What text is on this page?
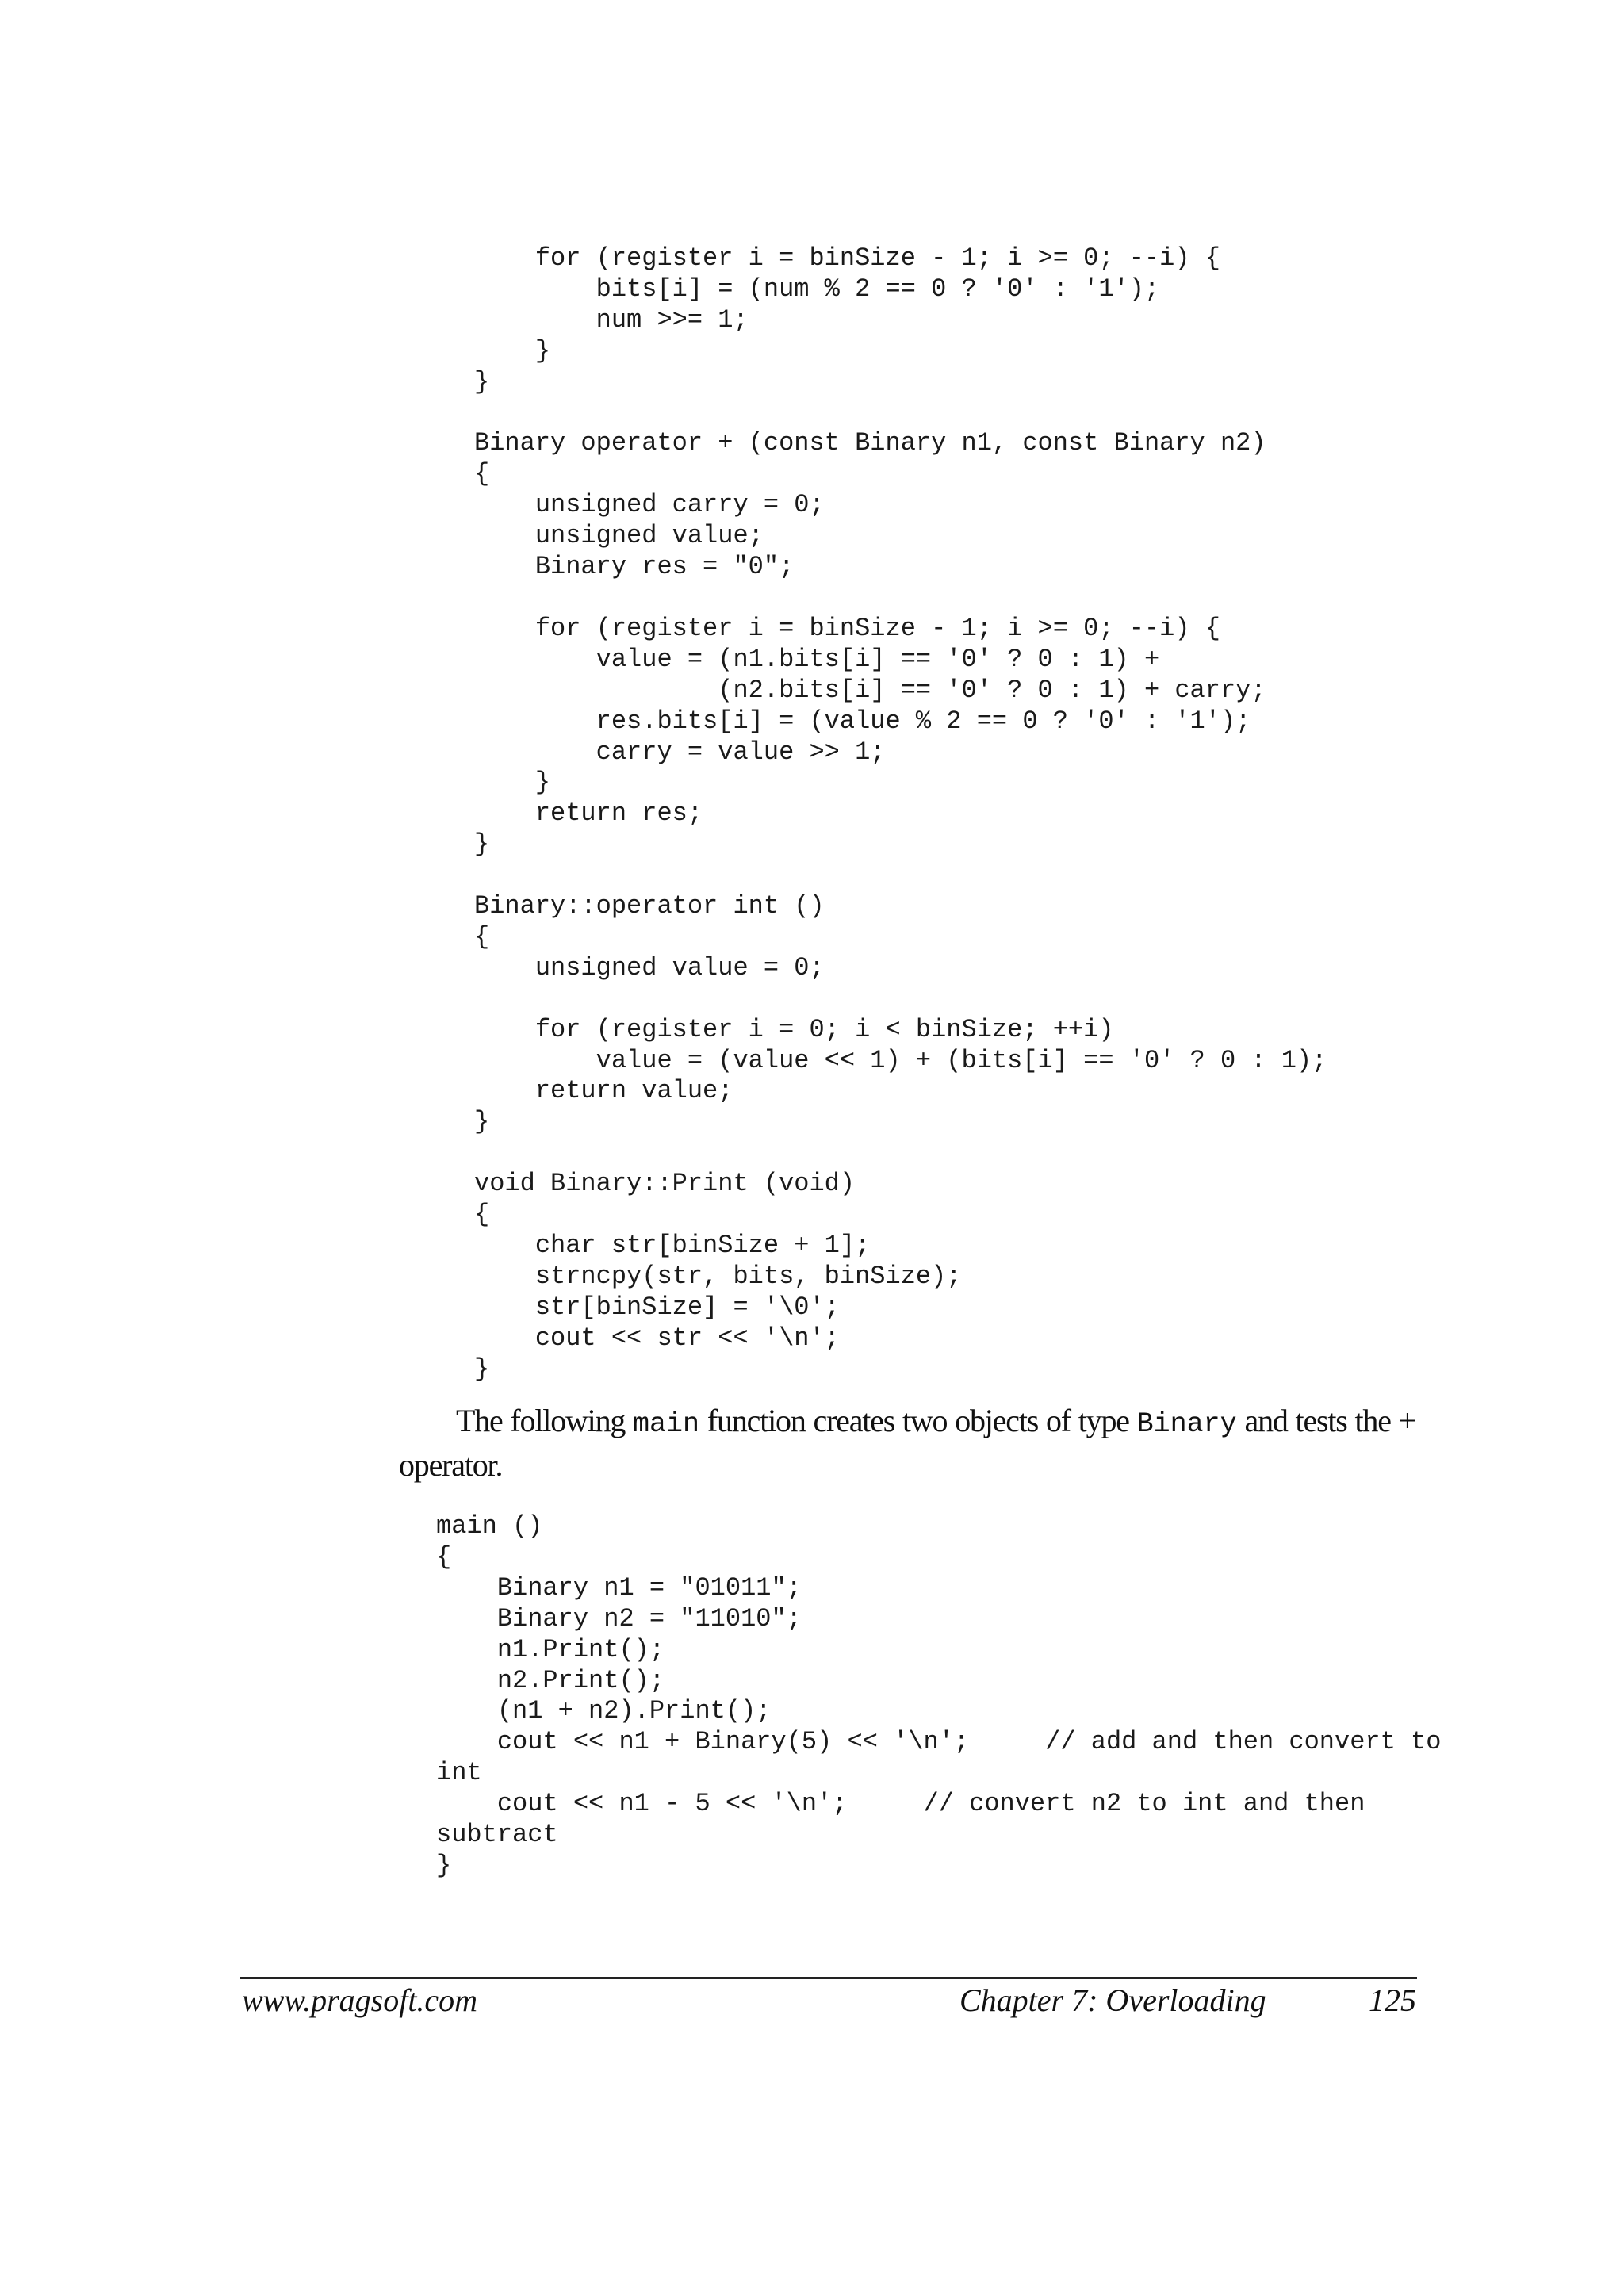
for (register i = binSize - 1; i >= 0; --i) {
bits[i] = (num % 2 == 0 ? '0' : '1');
num >>= 1;
}
}

Binary operator + (const Binary n1, const Binary n2)
{
unsigned carry = 0;
unsigned value;
Binary res = "0";

for (register i = binSize - 1; i >= 0; --i) {
value = (n1.bits[i] == '0' ? 0 : 1) +
(n2.bits[i] == '0' ? 0 : 1) + carry;
res.bits[i] = (value % 2 == 0 ? '0' : '1');
carry = value >> 1;
}
return res;
}

Binary::operator int ()
{
unsigned value = 0;

for (register i = 0; i < binSize; ++i)
value = (value << 1) + (bits[i] == '0' ? 0 : 1);
return value;
}

void Binary::Print (void)
{
char str[binSize + 1];
strncpy(str, bits, binSize);
str[binSize] = '\0';
cout << str << '\n';
}

The following main function creates two objects of type Binary and tests the + operator.

main ()
{
Binary n1 = "01011";
Binary n2 = "11010";
n1.Print();
n2.Print();
(n1 + n2).Print();
cout << n1 + Binary(5) << '\n';     // add and then convert to
int
cout << n1 - 5 << '\n';     // convert n2 to int and then
subtract
}
www.pragsoft.com	Chapter 7: Overloading	125
